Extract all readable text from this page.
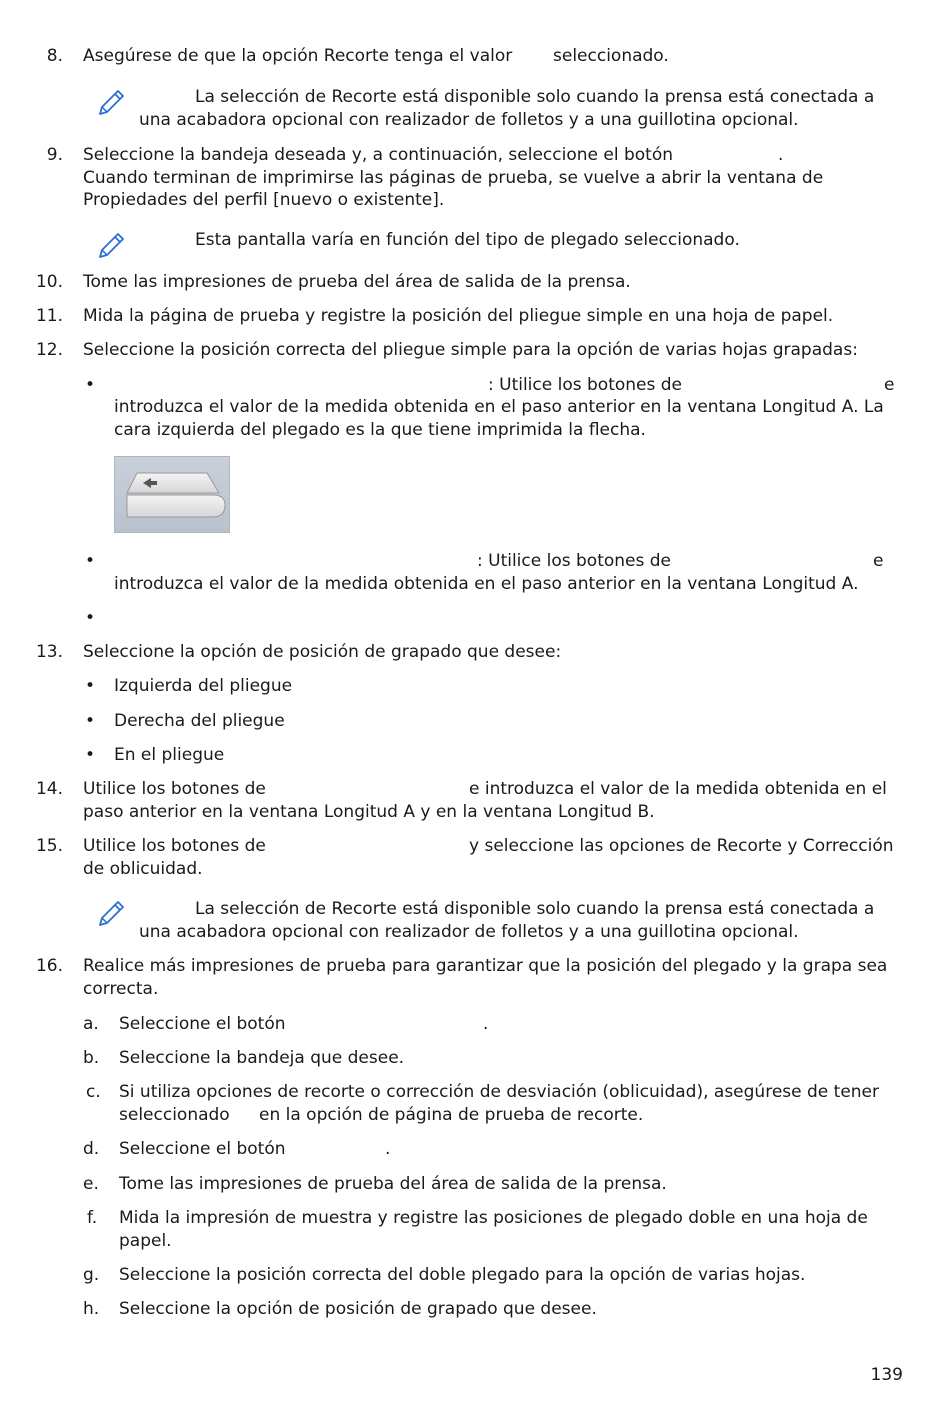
8. Asegúrese de que la opción Recorte tenga el valor seleccionado.
La selección de Recorte está disponible solo cuando la prensa está conectada a
una acabadora opcional con realizador de folletos y a una guillotina opcional.
9. Seleccione la bandeja deseada y, a continuación, seleccione el botón	.
Cuando terminan de imprimirse las páginas de prueba, se vuelve a abrir la ventana de
Propiedades del perfil [nuevo o existente].
Esta pantalla varía en función del tipo de plegado seleccionado.
10. Tome las impresiones de prueba del área de salida de la prensa.
11. Mida la página de prueba y registre la posición del pliegue simple en una hoja de papel.
12. Seleccione la posición correcta del pliegue simple para la opción de varias hojas grapadas:
•	: Utilice los botones de	e
introduzca el valor de la medida obtenida en el paso anterior en la ventana Longitud A. La
cara izquierda del plegado es la que tiene imprimida la flecha.
•	: Utilice los botones de	e
introduzca el valor de la medida obtenida en el paso anterior en la ventana Longitud A.
•
13. Seleccione la opción de posición de grapado que desee:
• Izquierda del pliegue
• Derecha del pliegue
• En el pliegue
14. Utilice los botones de	e introduzca el valor de la medida obtenida en el
paso anterior en la ventana Longitud A y en la ventana Longitud B.
15. Utilice los botones de	y seleccione las opciones de Recorte y Corrección
de oblicuidad.
La selección de Recorte está disponible solo cuando la prensa está conectada a
una acabadora opcional con realizador de folletos y a una guillotina opcional.
16. Realice más impresiones de prueba para garantizar que la posición del plegado y la grapa sea
correcta.
a. Seleccione el botón	.
b. Seleccione la bandeja que desee.
c. Si utiliza opciones de recorte o corrección de desviación (oblicuidad), asegúrese de tener
seleccionado en la opción de página de prueba de recorte.
d. Seleccione el botón	.
e. Tome las impresiones de prueba del área de salida de la prensa.
f. Mida la impresión de muestra y registre las posiciones de plegado doble en una hoja de
papel.
g. Seleccione la posición correcta del doble plegado para la opción de varias hojas.
h. Seleccione la opción de posición de grapado que desee.
139
